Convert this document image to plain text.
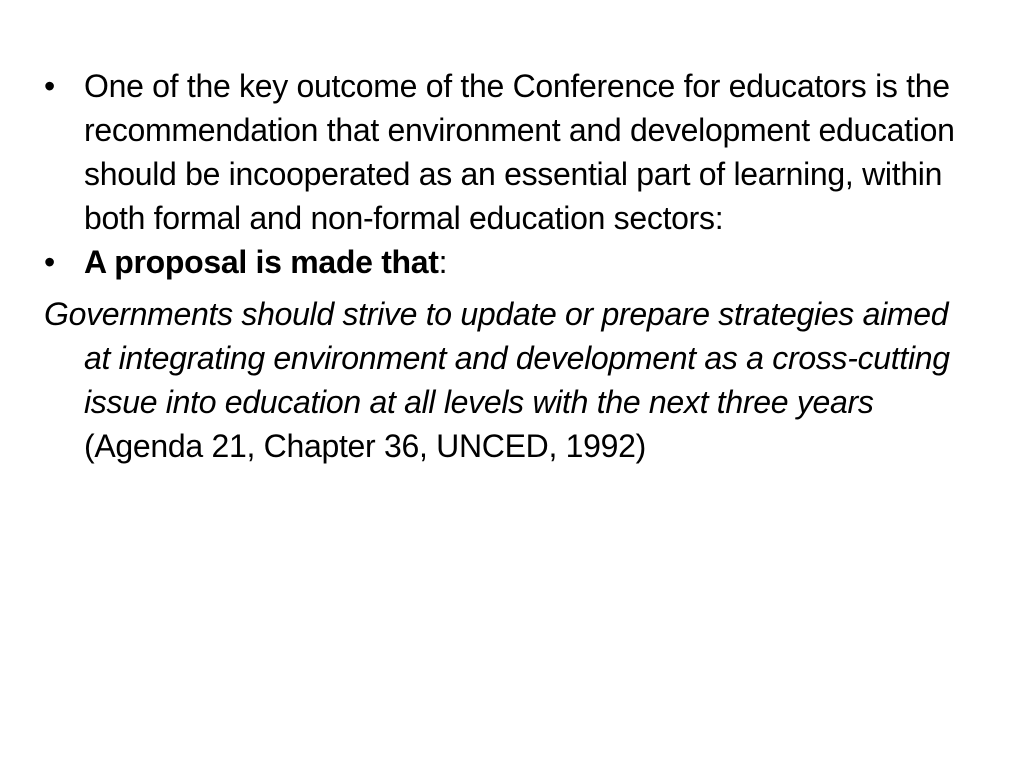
• One of the key outcome of the Conference for educators is the recommendation that environment and development education should be incooperated as an essential part of learning, within both formal and non-formal education sectors:
• A proposal is made that:
Governments should strive to update or prepare strategies aimed at integrating environment and development as a cross-cutting issue into education at all levels with the next three years
(Agenda 21, Chapter 36, UNCED, 1992)
